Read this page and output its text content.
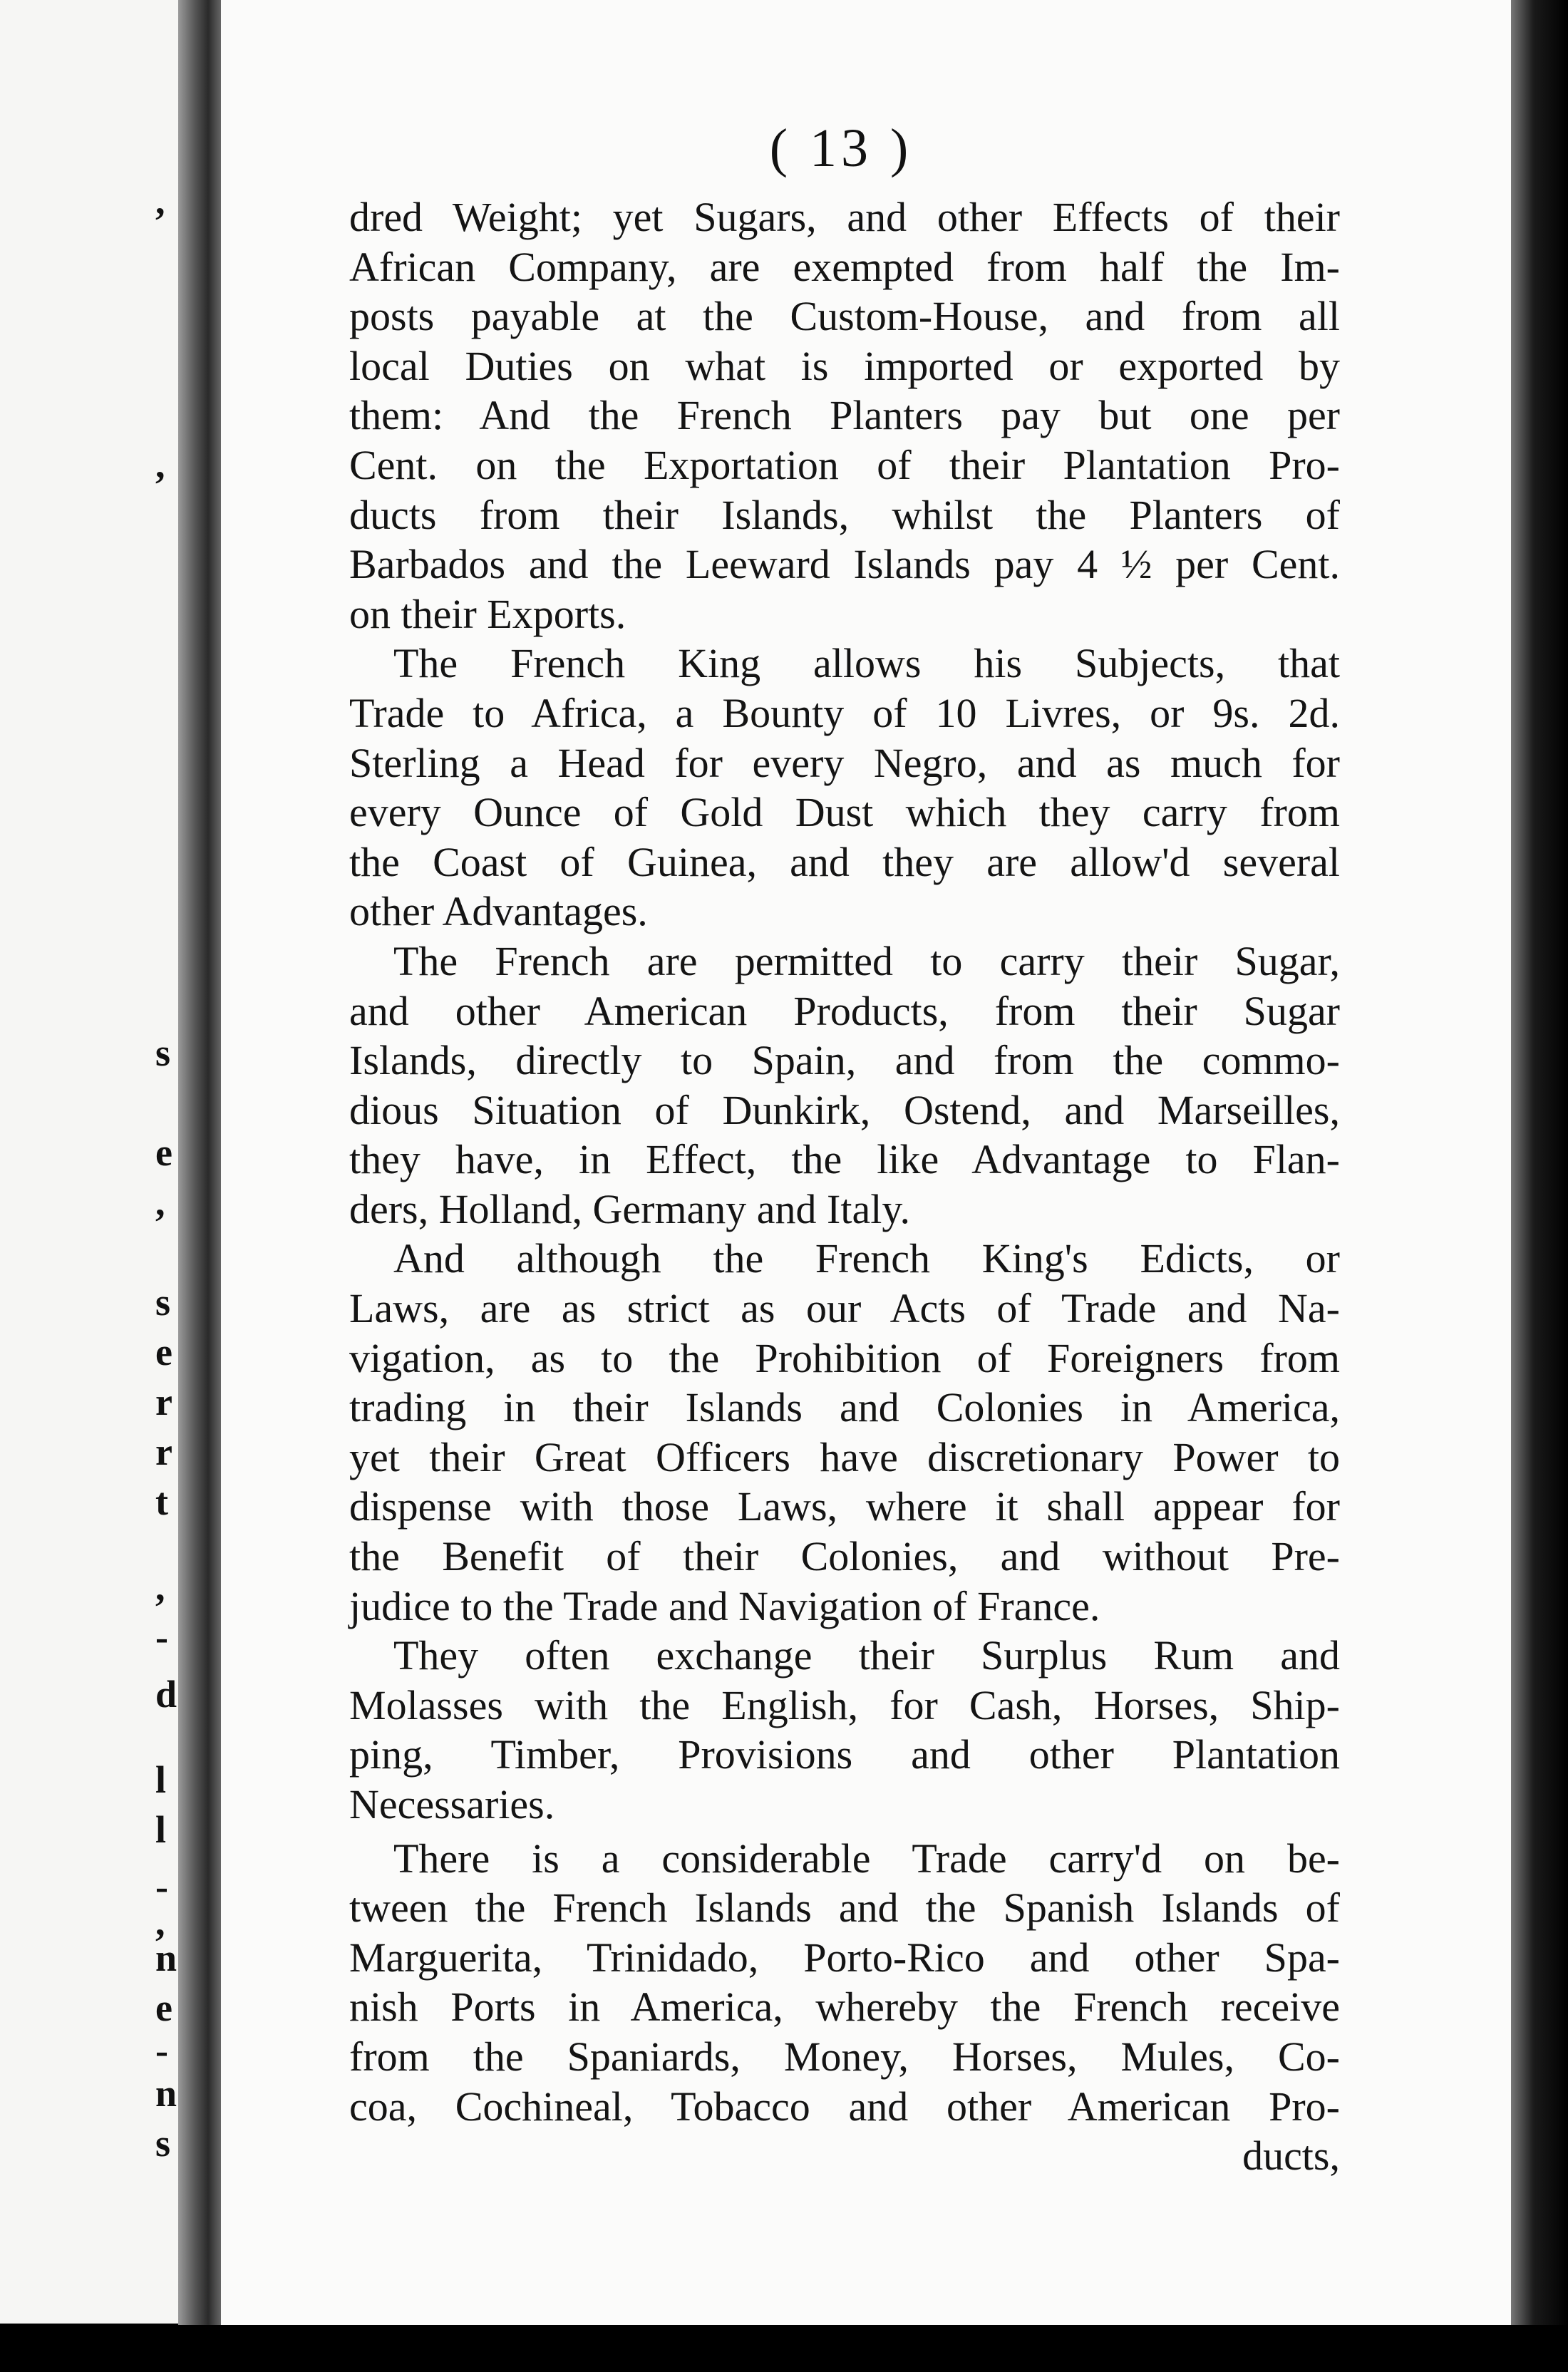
,
,
s
e
,
s
e
r
r
t
,
-
d
l
l
-
,
n
e
-
n
s
( 13 )
dred Weight; yet Sugars, and other Effects of their
African Company, are exempted from half the Im-
posts payable at the Custom-House, and from all
local Duties on what is imported or exported by
them: And the French Planters pay but one per
Cent. on the Exportation of their Plantation Pro-
ducts from their Islands, whilst the Planters of
Barbados and the Leeward Islands pay 4 ½ per Cent.
on their Exports.
The French King allows his Subjects, that
Trade to Africa, a Bounty of 10 Livres, or 9s. 2d.
Sterling a Head for every Negro, and as much for
every Ounce of Gold Dust which they carry from
the Coast of Guinea, and they are allow'd several
other Advantages.
The French are permitted to carry their Sugar,
and other American Products, from their Sugar
Islands, directly to Spain, and from the commo-
dious Situation of Dunkirk, Ostend, and Marseilles,
they have, in Effect, the like Advantage to Flan-
ders, Holland, Germany and Italy.
And although the French King's Edicts, or
Laws, are as strict as our Acts of Trade and Na-
vigation, as to the Prohibition of Foreigners from
trading in their Islands and Colonies in America,
yet their Great Officers have discretionary Power to
dispense with those Laws, where it shall appear for
the Benefit of their Colonies, and without Pre-
judice to the Trade and Navigation of France.
They often exchange their Surplus Rum and
Molasses with the English, for Cash, Horses, Ship-
ping, Timber, Provisions and other Plantation
Necessaries.
There is a considerable Trade carry'd on be-
tween the French Islands and the Spanish Islands of
Marguerita, Trinidado, Porto-Rico and other Spa-
nish Ports in America, whereby the French receive
from the Spaniards, Money, Horses, Mules, Co-
coa, Cochineal, Tobacco and other American Pro-
ducts,
